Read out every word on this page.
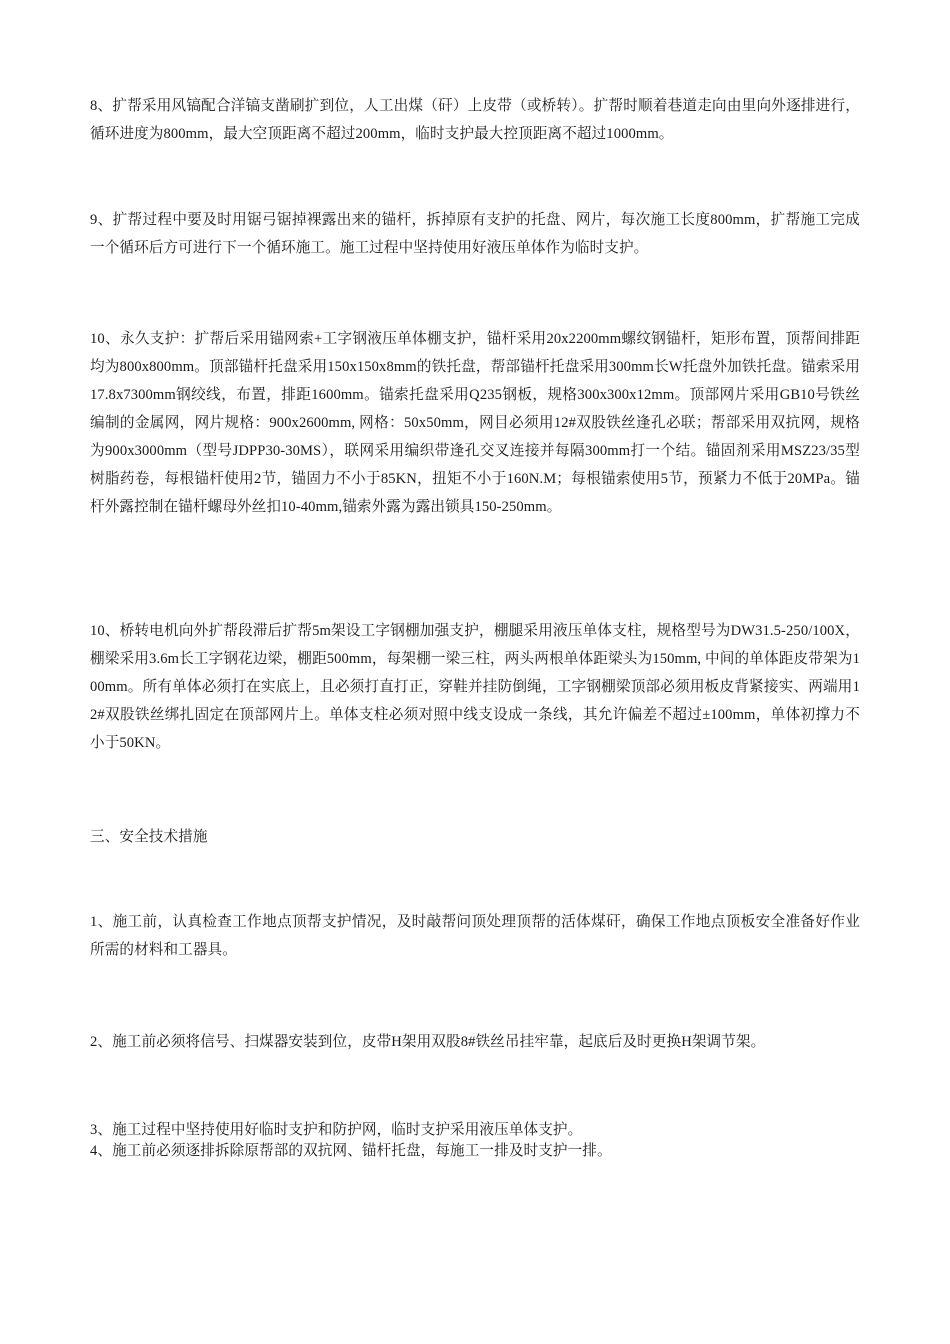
8、扩帮采用风镐配合洋镐支凿刷扩到位，人工出煤（矸）上皮带（或桥转）。扩帮时顺着巷道走向由里向外逐排进行，循环进度为800mm，最大空顶距离不超过200mm，临时支护最大控顶距离不超过1000mm。

9、扩帮过程中要及时用锯弓锯掉裸露出来的锚杆，拆掉原有支护的托盘、网片，每次施工长度800mm，扩帮施工完成一个循环后方可进行下一个循环施工。施工过程中坚持使用好液压单体作为临时支护。

10、永久支护：扩帮后采用锚网索+工字钢液压单体棚支护，锚杆采用20x2200mm螺纹钢锚杆，矩形布置，顶帮间排距均为800x800mm。顶部锚杆托盘采用150x150x8mm的铁托盘，帮部锚杆托盘采用300mm长W托盘外加铁托盘。锚索采用17.8x7300mm钢绞线，布置，排距1600mm。锚索托盘采用Q235钢板，规格300x300x12mm。顶部网片采用GB10号铁丝编制的金属网，网片规格：900x2600mm, 网格：50x50mm，网目必须用12#双股铁丝逢孔必联；帮部采用双抗网，规格为900x3000mm（型号JDPP30-30MS），联网采用编织带逢孔交叉连接并每隔300mm打一个结。锚固剂采用MSZ23/35型树脂药卷，每根锚杆使用2节，锚固力不小于85KN，扭矩不小于160N.M；每根锚索使用5节，预紧力不低于20MPa。锚杆外露控制在锚杆螺母外丝扣10-40mm,锚索外露为露出锁具150-250mm。

10、桥转电机向外扩帮段滞后扩帮5m架设工字钢棚加强支护，棚腿采用液压单体支柱，规格型号为DW31.5-250/100X，棚梁采用3.6m长工字钢花边梁，棚距500mm，每架棚一梁三柱，两头两根单体距梁头为150mm, 中间的单体距皮带架为100mm。所有单体必须打在实底上，且必须打直打正，穿鞋并挂防倒绳，工字钢棚梁顶部必须用板皮背紧接实、两端用12#双股铁丝绑扎固定在顶部网片上。单体支柱必须对照中线支设成一条线，其允许偏差不超过±100mm，单体初撑力不小于50KN。

三、安全技术措施

1、施工前，认真检查工作地点顶帮支护情况，及时敲帮问顶处理顶帮的活体煤矸，确保工作地点顶板安全准备好作业所需的材料和工器具。

2、施工前必须将信号、扫煤器安装到位，皮带H架用双股8#铁丝吊挂牢靠，起底后及时更换H架调节架。

3、施工过程中坚持使用好临时支护和防护网，临时支护采用液压单体支护。

4、施工前必须逐排拆除原帮部的双抗网、锚杆托盘，每施工一排及时支护一排。
